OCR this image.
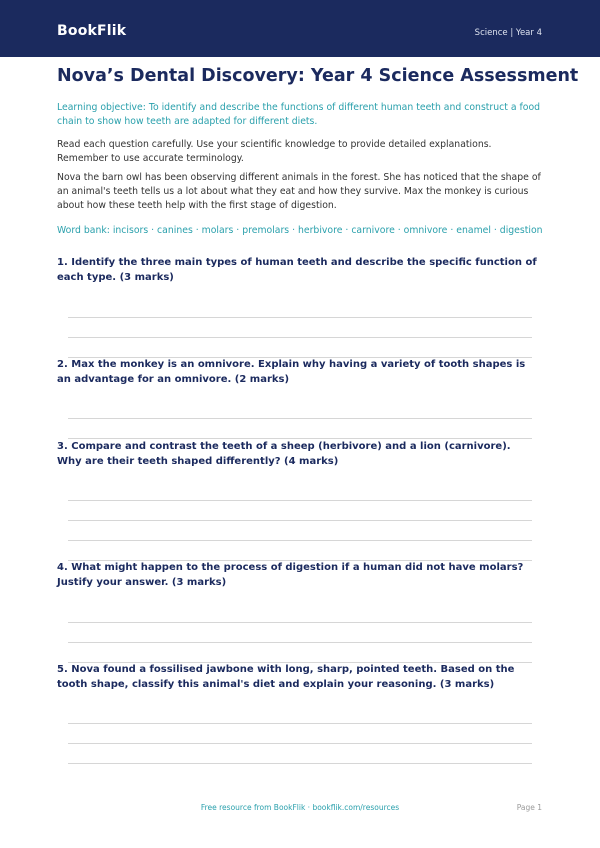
BookFlik	Science | Year 4
Nova’s Dental Discovery: Year 4 Science Assessment
Learning objective: To identify and describe the functions of different human teeth and construct a food chain to show how teeth are adapted for different diets.
Read each question carefully. Use your scientific knowledge to provide detailed explanations. Remember to use accurate terminology.
Nova the barn owl has been observing different animals in the forest. She has noticed that the shape of an animal's teeth tells us a lot about what they eat and how they survive. Max the monkey is curious about how these teeth help with the first stage of digestion.
Word bank: incisors · canines · molars · premolars · herbivore · carnivore · omnivore · enamel · digestion
1. Identify the three main types of human teeth and describe the specific function of each type. (3 marks)
2. Max the monkey is an omnivore. Explain why having a variety of tooth shapes is an advantage for an omnivore. (2 marks)
3. Compare and contrast the teeth of a sheep (herbivore) and a lion (carnivore). Why are their teeth shaped differently? (4 marks)
4. What might happen to the process of digestion if a human did not have molars? Justify your answer. (3 marks)
5. Nova found a fossilised jawbone with long, sharp, pointed teeth. Based on the tooth shape, classify this animal's diet and explain your reasoning. (3 marks)
Free resource from BookFlik · bookflik.com/resources	Page 1
